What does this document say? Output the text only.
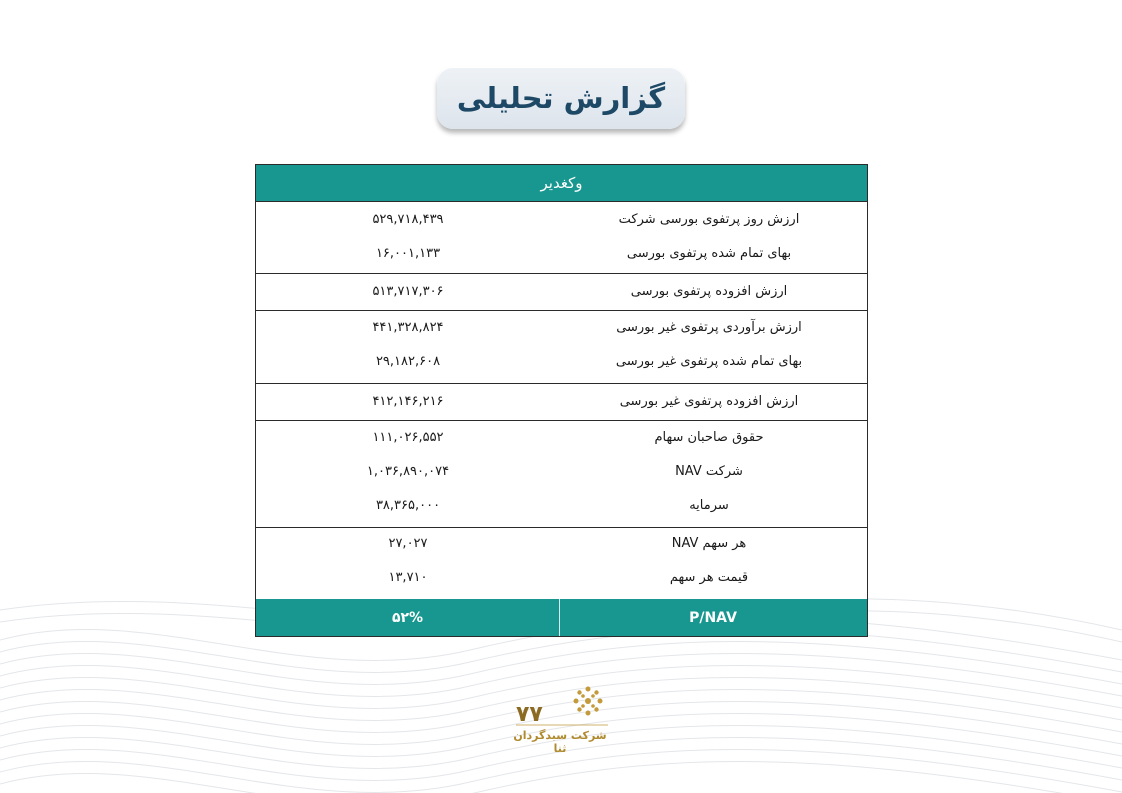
گزارش تحلیلی
وکغدیر
ارزش روز پرتفوی بورسی شرکت
۵۲۹,۷۱۸,۴۳۹
بهای تمام شده پرتفوی بورسی
۱۶,۰۰۱,۱۳۳
ارزش افزوده پرتفوی بورسی
۵۱۳,۷۱۷,۳۰۶
ارزش برآوردی پرتفوی غیر بورسی
۴۴۱,۳۲۸,۸۲۴
بهای تمام شده پرتفوی غیر بورسی
۲۹,۱۸۲,۶۰۸
ارزش افزوده پرتفوی غیر بورسی
۴۱۲,۱۴۶,۲۱۶
حقوق صاحبان سهام
۱۱۱,۰۲۶,۵۵۲
شرکت NAV
۱,۰۳۶,۸۹۰,۰۷۴
سرمایه
۳۸,۳۶۵,۰۰۰
هر سهم NAV
۲۷,۰۲۷
قیمت هر سهم
۱۳,۷۱۰
P/NAV
۵۲%
۷۷
شرکت سبدگردان ثنا
